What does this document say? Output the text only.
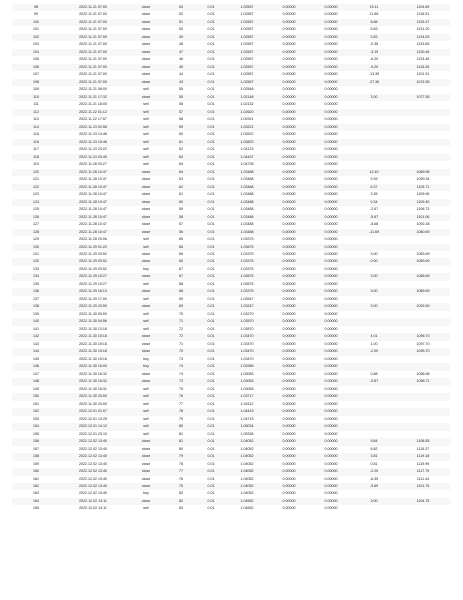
98	2022.11.21 07:00	close	53	0.01	1.02557	0.00000	0.00000	15.11	1104.69
99	2022.11.21 07:00	close	52	0.01	1.02557	0.00000	0.00000	11.85	1116.51
100	2022.11.21 07:00	close	51	0.01	1.02557	0.00000	0.00000	8.86	1125.37
101	2022.11.21 07:00	close	50	0.01	1.02557	0.00000	0.00000	5.83	1131.20
102	2022.11.21 07:00	close	49	0.01	1.02557	0.00000	0.00000	2.83	1134.03
103	2022.11.21 07:00	close	48	0.01	1.02557	0.00000	0.00000	-0.38	1133.65
104	2022.11.21 07:00	close	47	0.01	1.02557	0.00000	0.00000	-3.19	1130.46
105	2022.11.21 07:00	close	46	0.01	1.02557	0.00000	0.00000	-6.20	1124.46
106	2022.11.21 07:00	close	45	0.01	1.02557	0.00000	0.00000	-9.20	1115.26
107	2022.11.21 07:00	close	44	0.01	1.02557	0.00000	0.00000	-13.35	1101.91
108	2022.11.21 07:00	close	43	0.01	1.02557	0.00000	0.00000	-27.36	1074.55
109	2022.11.21 08:00	sell	55	0.01	1.02548	0.00000	0.00000		
110	2022.11.21 17:32	close	55	0.01	1.02148	0.00000	0.00000	3.00	1077.55
111	2022.11.21 18:00	sell	56	0.01	1.02132	0.00000	0.00000		
112	2022.11.22 01:12	sell	57	0.01	1.02620	0.00000	0.00000		
113	2022.11.22 17:57	sell	58	0.01	1.02921	0.00000	0.00000		
114	2022.11.23 02:56	sell	59	0.01	1.03221	0.00000	0.00000		
115	2022.11.23 14:46	sell	60	0.01	1.03522	0.00000	0.00000		
116	2022.11.23 15:46	sell	61	0.01	1.03823	0.00000	0.00000		
117	2022.11.23 23:22	sell	62	0.01	1.04123	0.00000	0.00000		
118	2022.11.24 03:40	sell	63	0.01	1.04437	0.00000	0.00000		
119	2022.11.28 03:27	sell	64	0.01	1.04728	0.00000	0.00000		
120	2022.11.28 10:47	close	64	0.01	1.03488	0.00000	0.00000	12.40	1089.95
121	2022.11.28 10:47	close	63	0.01	1.03488	0.00000	0.00000	9.39	1099.34
122	2022.11.28 10:47	close	62	0.01	1.03488	0.00000	0.00000	6.37	1105.71
123	2022.11.28 10:47	close	61	0.01	1.03488	0.00000	0.00000	3.35	1109.06
124	2022.11.28 10:47	close	60	0.01	1.03488	0.00000	0.00000	0.34	1109.40
125	2022.11.28 10:47	close	59	0.01	1.03488	0.00000	0.00000	-2.67	1106.73
126	2022.11.28 10:47	close	58	0.01	1.03488	0.00000	0.00000	-5.67	1101.06
127	2022.11.28 10:47	close	57	0.01	1.03488	0.00000	0.00000	-8.68	1092.38
128	2022.11.28 10:47	close	56	0.01	1.03488	0.00000	0.00000	-11.69	1080.69
129	2022.11.28 20:06	sell	65	0.01	1.03375	0.00000	0.00000		
130	2022.11.29 01:22	sell	66	0.01	1.03675	0.00000	0.00000		
131	2022.11.29 03:52	close	66	0.01	1.03375	0.00000	0.00000	3.00	1083.69
132	2022.11.29 03:52	close	65	0.01	1.03375	0.00000	0.00000	0.00	1083.69
133	2022.11.29 03:52	buy	67	0.01	1.03375	0.00000	0.00000		
134	2022.11.29 15:27	close	67	0.01	1.03675	0.00000	0.00000	3.00	1086.69
135	2022.11.29 15:27	sell	68	0.01	1.03675	0.00000	0.00000		
136	2022.11.29 16:13	close	68	0.01	1.03375	0.00000	0.00000	3.00	1089.69
137	2022.11.29 17:00	sell	69	0.01	1.03547	0.00000	0.00000		
138	2022.11.29 23:50	close	69	0.01	1.03247	0.00000	0.00000	3.00	1092.69
139	2022.11.30 00:00	sell	70	0.01	1.03270	0.00000	0.00000		
140	2022.11.30 04:56	sell	71	0.01	1.03570	0.00000	0.00000		
141	2022.11.30 13:18	sell	72	0.01	1.03870	0.00000	0.00000		
142	2022.11.30 15:18	close	72	0.01	1.03470	0.00000	0.00000	4.01	1096.70
143	2022.11.30 15:18	close	71	0.01	1.03470	0.00000	0.00000	1.00	1097.70
144	2022.11.30 15:18	close	70	0.01	1.03470	0.00000	0.00000	-2.00	1095.70
145	2022.11.30 15:18	buy	73	0.01	1.03470	0.00000	0.00000		
146	2022.11.30 16:00	buy	74	0.01	1.02965	0.00000	0.00000		
147	2022.11.30 16:32	close	74	0.01	1.03083	0.00000	0.00000	0.88	1096.58
148	2022.11.30 16:32	close	73	0.01	1.03083	0.00000	0.00000	-0.87	1096.71
149	2022.11.30 18:31	sell	75	0.01	1.03083	0.00000	0.00000		
150	2022.11.30 20:00	sell	76	0.01	1.03717	0.00000	0.00000		
151	2022.11.30 20:00	sell	77	0.01	1.04112	0.00000	0.00000		
152	2022.12.01 01:07	sell	78	0.01	1.04419	0.00000	0.00000		
153	2022.12.01 13:25	sell	79	0.01	1.04715	0.00000	0.00000		
154	2022.12.01 14:12	sell	80	0.01	1.05034	0.00000	0.00000		
155	2022.12.01 23:10	sell	81	0.01	1.05336	0.00000	0.00000		
156	2022.12.02 13:40	close	81	0.01	1.04052	0.00000	0.00000	9.84	1108.55
157	2022.12.02 13:40	close	80	0.01	1.04052	0.00000	0.00000	6.82	1115.37
158	2022.12.02 13:40	close	79	0.01	1.04052	0.00000	0.00000	3.81	1119.18
159	2022.12.02 13:40	close	78	0.01	1.04052	0.00000	0.00000	0.81	1119.99
160	2022.12.02 13:40	close	77	0.01	1.04052	0.00000	0.00000	-2.20	1117.79
161	2022.12.02 13:40	close	76	0.01	1.04052	0.00000	0.00000	-6.35	1111.44
162	2022.12.02 13:40	close	75	0.01	1.04052	0.00000	0.00000	-9.69	1101.75
163	2022.12.02 13:40	buy	82	0.01	1.04052	0.00000	0.00000		
164	2022.12.02 14:11	close	82	0.01	1.04652	0.00000	0.00000	3.00	1104.75
165	2022.12.02 14:11	sell	83	0.01	1.04652	0.00000	0.00000		
